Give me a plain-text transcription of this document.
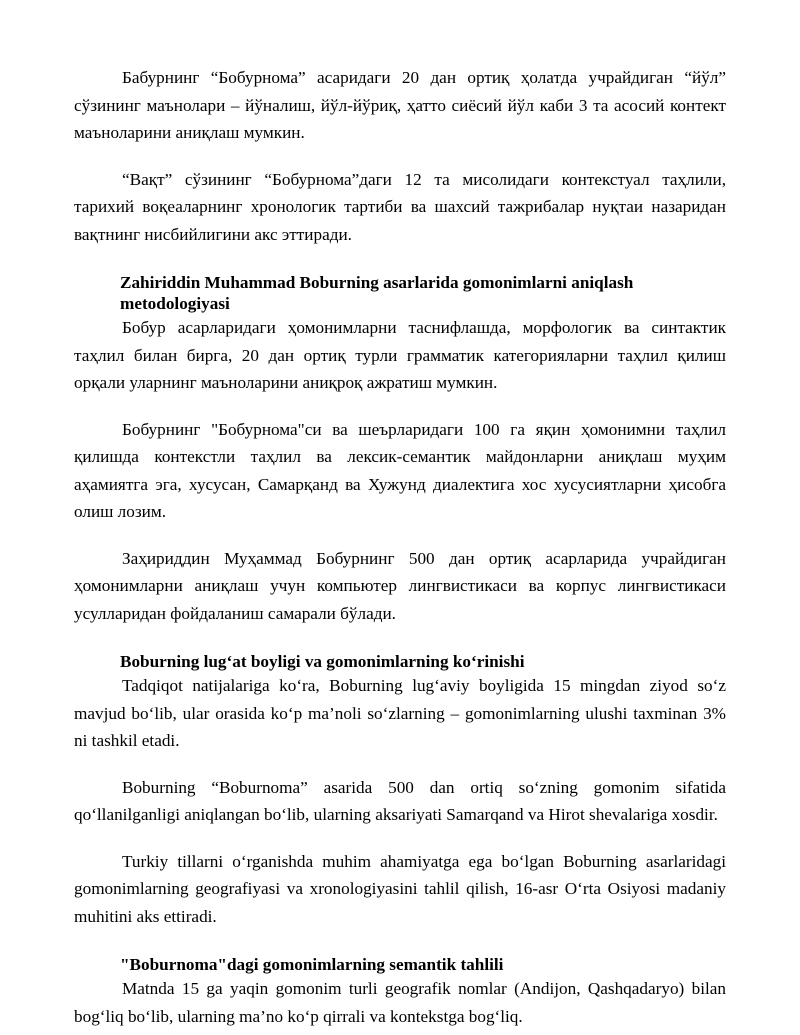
Бабурнинг “Бобурнома” асаридаги 20 дан ортиқ ҳолатда учрайдиган “йўл” сўзининг маънолари – йўналиш, йўл-йўриқ, ҳатто сиёсий йўл каби 3 та асосий контект маъноларини аниқлаш мумкин.

“Вақт” сўзининг “Бобурнома”даги 12 та мисолидаги контекстуал таҳлили, тарихий воқеаларнинг хронологик тартиби ва шахсий тажрибалар нуқтаи назаридан вақтнинг нисбийлигини акс эттиради.

Zahiriddin Muhammad Boburning asarlarida gomonimlarni aniqlash metodologiyasi

Бобур асарларидаги ҳомонимларни таснифлашда, морфологик ва синтактик таҳлил билан бирга, 20 дан ортиқ турли грамматик категорияларни таҳлил қилиш орқали уларнинг маъноларини аниқроқ ажратиш мумкин.

Бобурнинг "Бобурнома"си ва шеърларидаги 100 га яқин ҳомонимни таҳлил қилишда контекстли таҳлил ва лексик-семантик майдонларни аниқлаш муҳим аҳамиятга эга, хусусан, Самарқанд ва Хужунд диалектига хос хусусиятларни ҳисобга олиш лозим.

Заҳириддин Муҳаммад Бобурнинг 500 дан ортиқ асарларида учрайдиган ҳомонимларни аниқлаш учун компьютер лингвистикаси ва корпус лингвистикаси усулларидан фойдаланиш самарали бўлади.

Boburning lug‘at boyligi va gomonimlarning ko‘rinishi

Tadqiqot natijalariga ko‘ra, Boburning lug‘aviy boyligida 15 mingdan ziyod so‘z mavjud bo‘lib, ular orasida ko‘p ma’noli so‘zlarning – gomonimlarning ulushi taxminan 3% ni tashkil etadi.

Boburning “Boburnoma” asarida 500 dan ortiq so‘zning gomonim sifatida qo‘llanilganligi aniqlangan bo‘lib, ularning aksariyati Samarqand va Hirot shevalariga xosdir.

Turkiy tillarni o‘rganishda muhim ahamiyatga ega bo‘lgan Boburning asarlaridagi gomonimlarning geografiyasi va xronologiyasini tahlil qilish, 16-asr O‘rta Osiyosi madaniy muhitini aks ettiradi.

"Boburnoma"dagi gomonimlarning semantik tahlili

Matnda 15 ga yaqin gomonim turli geografik nomlar (Andijon, Qashqadaryo) bilan bog‘liq bo‘lib, ularning ma’no ko‘p qirrali va kontekstga bog‘liq.
